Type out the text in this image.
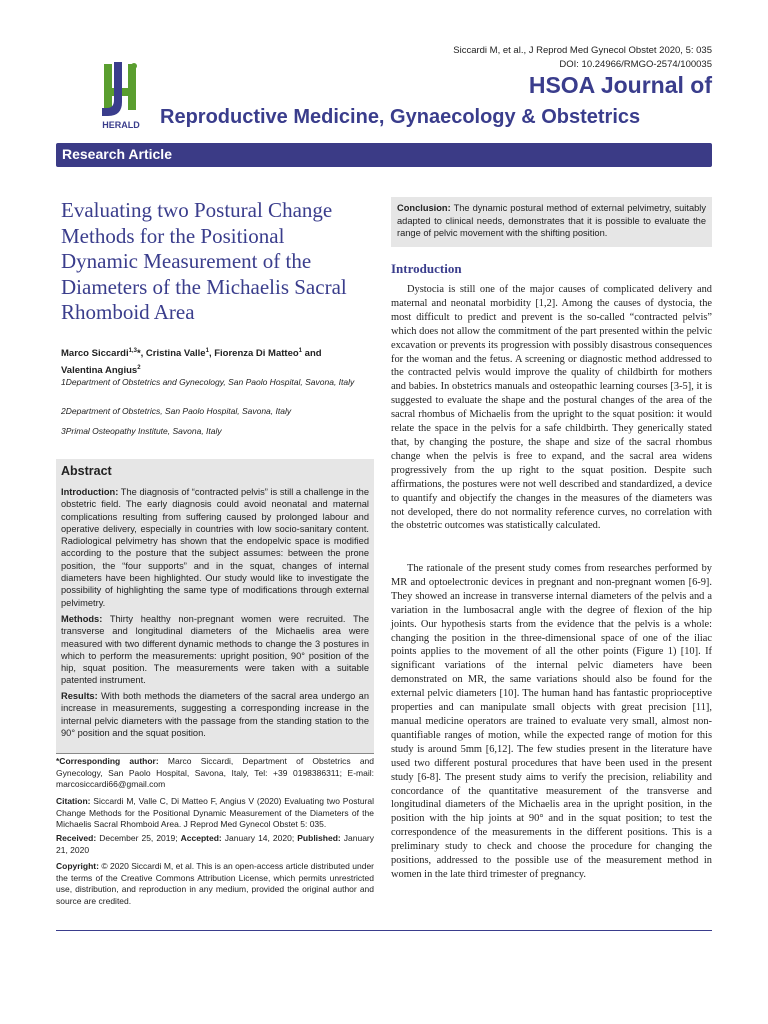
Siccardi M, et al., J Reprod Med Gynecol Obstet 2020, 5: 035
DOI: 10.24966/RMGO-2574/100035
HERALD
HSOA Journal of
Reproductive Medicine, Gynaecology & Obstetrics
Research Article
Evaluating two Postural Change Methods for the Positional Dynamic Measurement of the Diameters of the Michaelis Sacral Rhomboid Area
Marco Siccardi$^{1,3}$*, Cristina Valle$^1$, Fiorenza Di Matteo$^1$ and Valentina Angius$^2$
1Department of Obstetrics and Gynecology, San Paolo Hospital, Savona, Italy
2Department of Obstetrics, San Paolo Hospital, Savona, Italy
3Primal Osteopathy Institute, Savona, Italy
Abstract
Introduction: The diagnosis of “contracted pelvis” is still a challenge in the obstetric field. The early diagnosis could avoid neonatal and maternal complications resulting from suffering caused by prolonged labour and operative delivery, especially in countries with low socio-sanitary content. Radiological pelvimetry has shown that the endopelvic space is modified according to the posture that the subject assumes: between the prone position, the “four supports” and in the squat, changes of internal diameters have been highlighted. Our study would like to investigate the possibility of highlighting the same type of modifications through external pelvimetry.
Methods: Thirty healthy non-pregnant women were recruited. The transverse and longitudinal diameters of the Michaelis area were measured with two different dynamic methods to change the 3 postures in which to perform the measurements: upright position, 90° position of the hip, squat position. The measurements were taken with a suitable patented instrument.
Results: With both methods the diameters of the sacral area undergo an increase in measurements, suggesting a corresponding increase in the internal pelvic diameters with the passage from the standing station to the 90° position and the squat position.
*Corresponding author: Marco Siccardi, Department of Obstetrics and Gynecology, San Paolo Hospital, Savona, Italy, Tel: +39 0198386311; E-mail: marcosiccardi66@gmail.com
Citation: Siccardi M, Valle C, Di Matteo F, Angius V (2020) Evaluating two Postural Change Methods for the Positional Dynamic Measurement of the Diameters of the Michaelis Sacral Rhomboid Area. J Reprod Med Gynecol Obstet 5: 035.
Received: December 25, 2019; Accepted: January 14, 2020; Published: January 21, 2020
Copyright: © 2020 Siccardi M, et al. This is an open-access article distributed under the terms of the Creative Commons Attribution License, which permits unrestricted use, distribution, and reproduction in any medium, provided the original author and source are credited.
Conclusion: The dynamic postural method of external pelvimetry, suitably adapted to clinical needs, demonstrates that it is possible to evaluate the range of pelvic movement with the shifting position.
Introduction
Dystocia is still one of the major causes of complicated delivery and maternal and neonatal morbidity [1,2]. Among the causes of dystocia, the most difficult to predict and prevent is the so-called “contracted pelvis” which does not allow the commitment of the part presented within the pelvic excavation or prevents its progression with possibly disastrous consequences for the woman and the fetus. A screening or diagnostic method addressed to the contracted pelvis would improve the quality of childbirth for mothers and babies. In obstetrics manuals and osteopathic learning courses [3-5], it is suggested to evaluate the shape and the postural changes of the area of the sacral rhombus of Michaelis from the upright to the squat position: it would relate the space in the pelvis for a safe childbirth. They generically stated that, by changing the posture, the shape and size of the sacral rhombus change when the pelvis is free to expand, and the sacral area widens progressively from the up right to the squat position. Despite such affirmations, the postures were not well described and standardized, a device to quantify and objectify the changes in the measures of the diameters was not developed, there do not normality reference curves, no correlation with the obstetric outcomes was statistically calculated.
The rationale of the present study comes from researches performed by MR and optoelectronic devices in pregnant and non-pregnant women [6-9]. They showed an increase in transverse internal diameters of the pelvis and a variation in the lumbosacral angle with the degree of flexion of the hip joints. Our hypothesis starts from the evidence that the pelvis is a whole: changing the position in the three-dimensional space of one of the iliac points applies to the movement of all the other points (Figure 1) [10]. If significant variations of the internal pelvic diameters have been demonstrated on MR, the same variations should also be found for the external pelvic diameters [10]. The human hand has fantastic proprioceptive properties and can manipulate small objects with great precision [11], manual medicine operators are trained to evaluate very small, almost non-quantifiable ranges of motion, while the expected range of motion for this study is around 5mm [6,12]. The few studies present in the literature have used two different postural procedures that have been used in the present study [6-8]. The present study aims to verify the precision, reliability and concordance of the quantitative measurement of the transverse and longitudinal diameters of the Michaelis area in the upright position, in the position with the hip joints at 90° and in the squat position; to test the correspondence of the measurements in the different positions. This is a preliminary study to check and choose the procedure for changing the positions, addressed to the possible use of the measurement method in women in the late third trimester of pregnancy.
